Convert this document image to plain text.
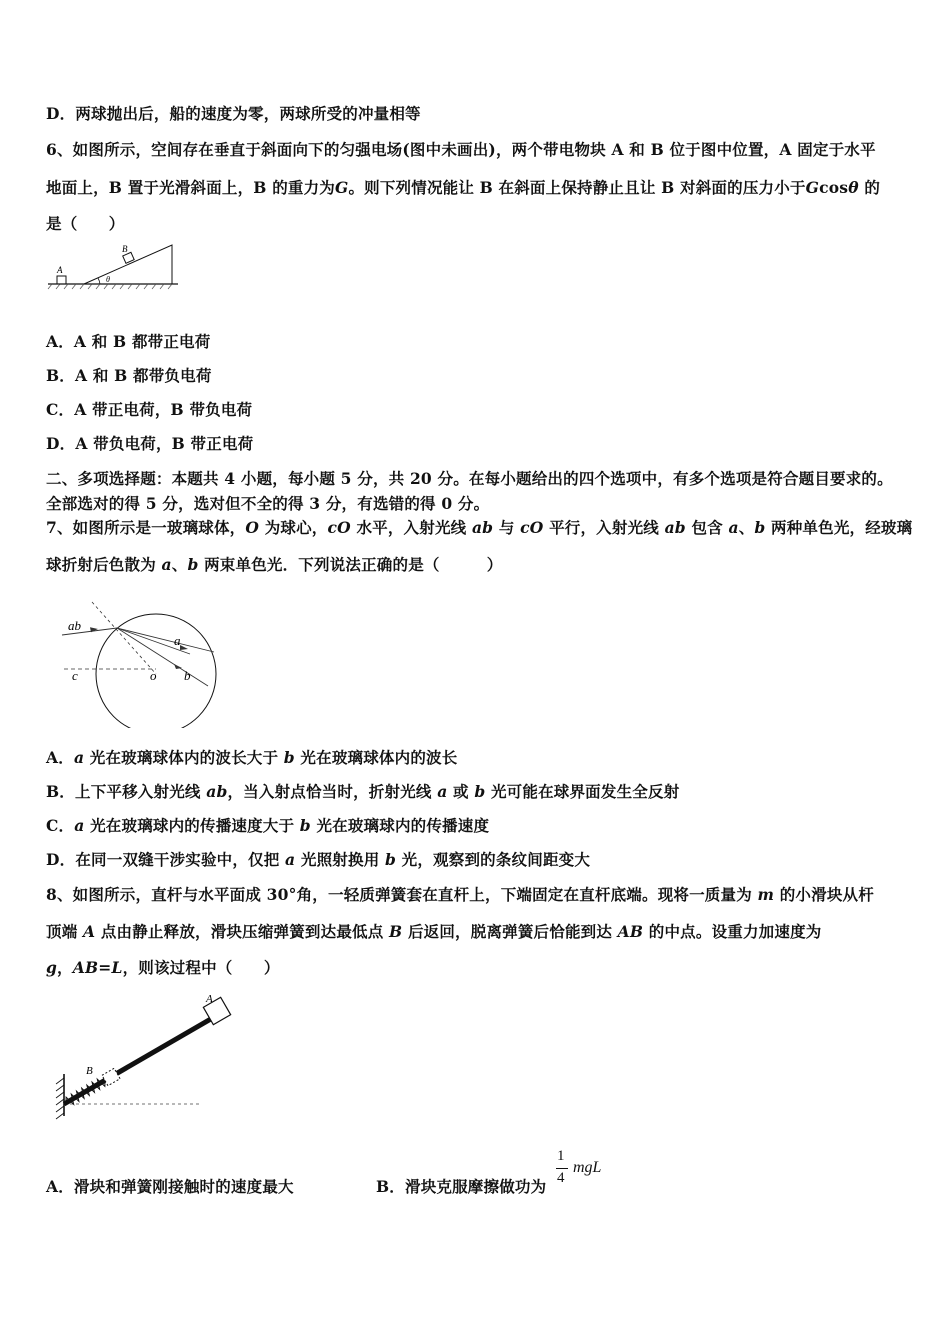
D．两球抛出后，船的速度为零，两球所受的冲量相等
6、如图所示，空间存在垂直于斜面向下的匀强电场(图中未画出)，两个带电物块 A 和 B 位于图中位置，A 固定于水平
地面上，B 置于光滑斜面上，B 的重力为G。则下列情况能让 B 在斜面上保持静止且让 B 对斜面的压力小于Gcosθ 的
是（　　）
A
B
θ
A．A 和 B 都带正电荷
B．A 和 B 都带负电荷
C．A 带正电荷，B 带负电荷
D．A 带负电荷，B 带正电荷
二、多项选择题：本题共 4 小题，每小题 5 分，共 20 分。在每小题给出的四个选项中，有多个选项是符合题目要求的。
全部选对的得 5 分，选对但不全的得 3 分，有选错的得 0 分。
7、如图所示是一玻璃球体，O 为球心，cO 水平，入射光线 ab 与 cO 平行，入射光线 ab 包含 a、b 两种单色光，经玻璃
球折射后色散为 a、b 两束单色光．下列说法正确的是（　　　）
ab
a
b
c	o
A．a 光在玻璃球体内的波长大于 b 光在玻璃球体内的波长
B．上下平移入射光线 ab，当入射点恰当时，折射光线 a 或 b 光可能在球界面发生全反射
C．a 光在玻璃球内的传播速度大于 b 光在玻璃球内的传播速度
D．在同一双缝干涉实验中，仅把 a 光照射换用 b 光，观察到的条纹间距变大
8、如图所示，直杆与水平面成 30°角，一轻质弹簧套在直杆上，下端固定在直杆底端。现将一质量为 m 的小滑块从杆
顶端 A 点由静止释放，滑块压缩弹簧到达最低点 B 后返回，脱离弹簧后恰能到达 AB 的中点。设重力加速度为
g，AB=L，则该过程中（　　）
A
B
A．滑块和弹簧刚接触时的速度最大	B．滑块克服摩擦做功为
1
4
mgL
